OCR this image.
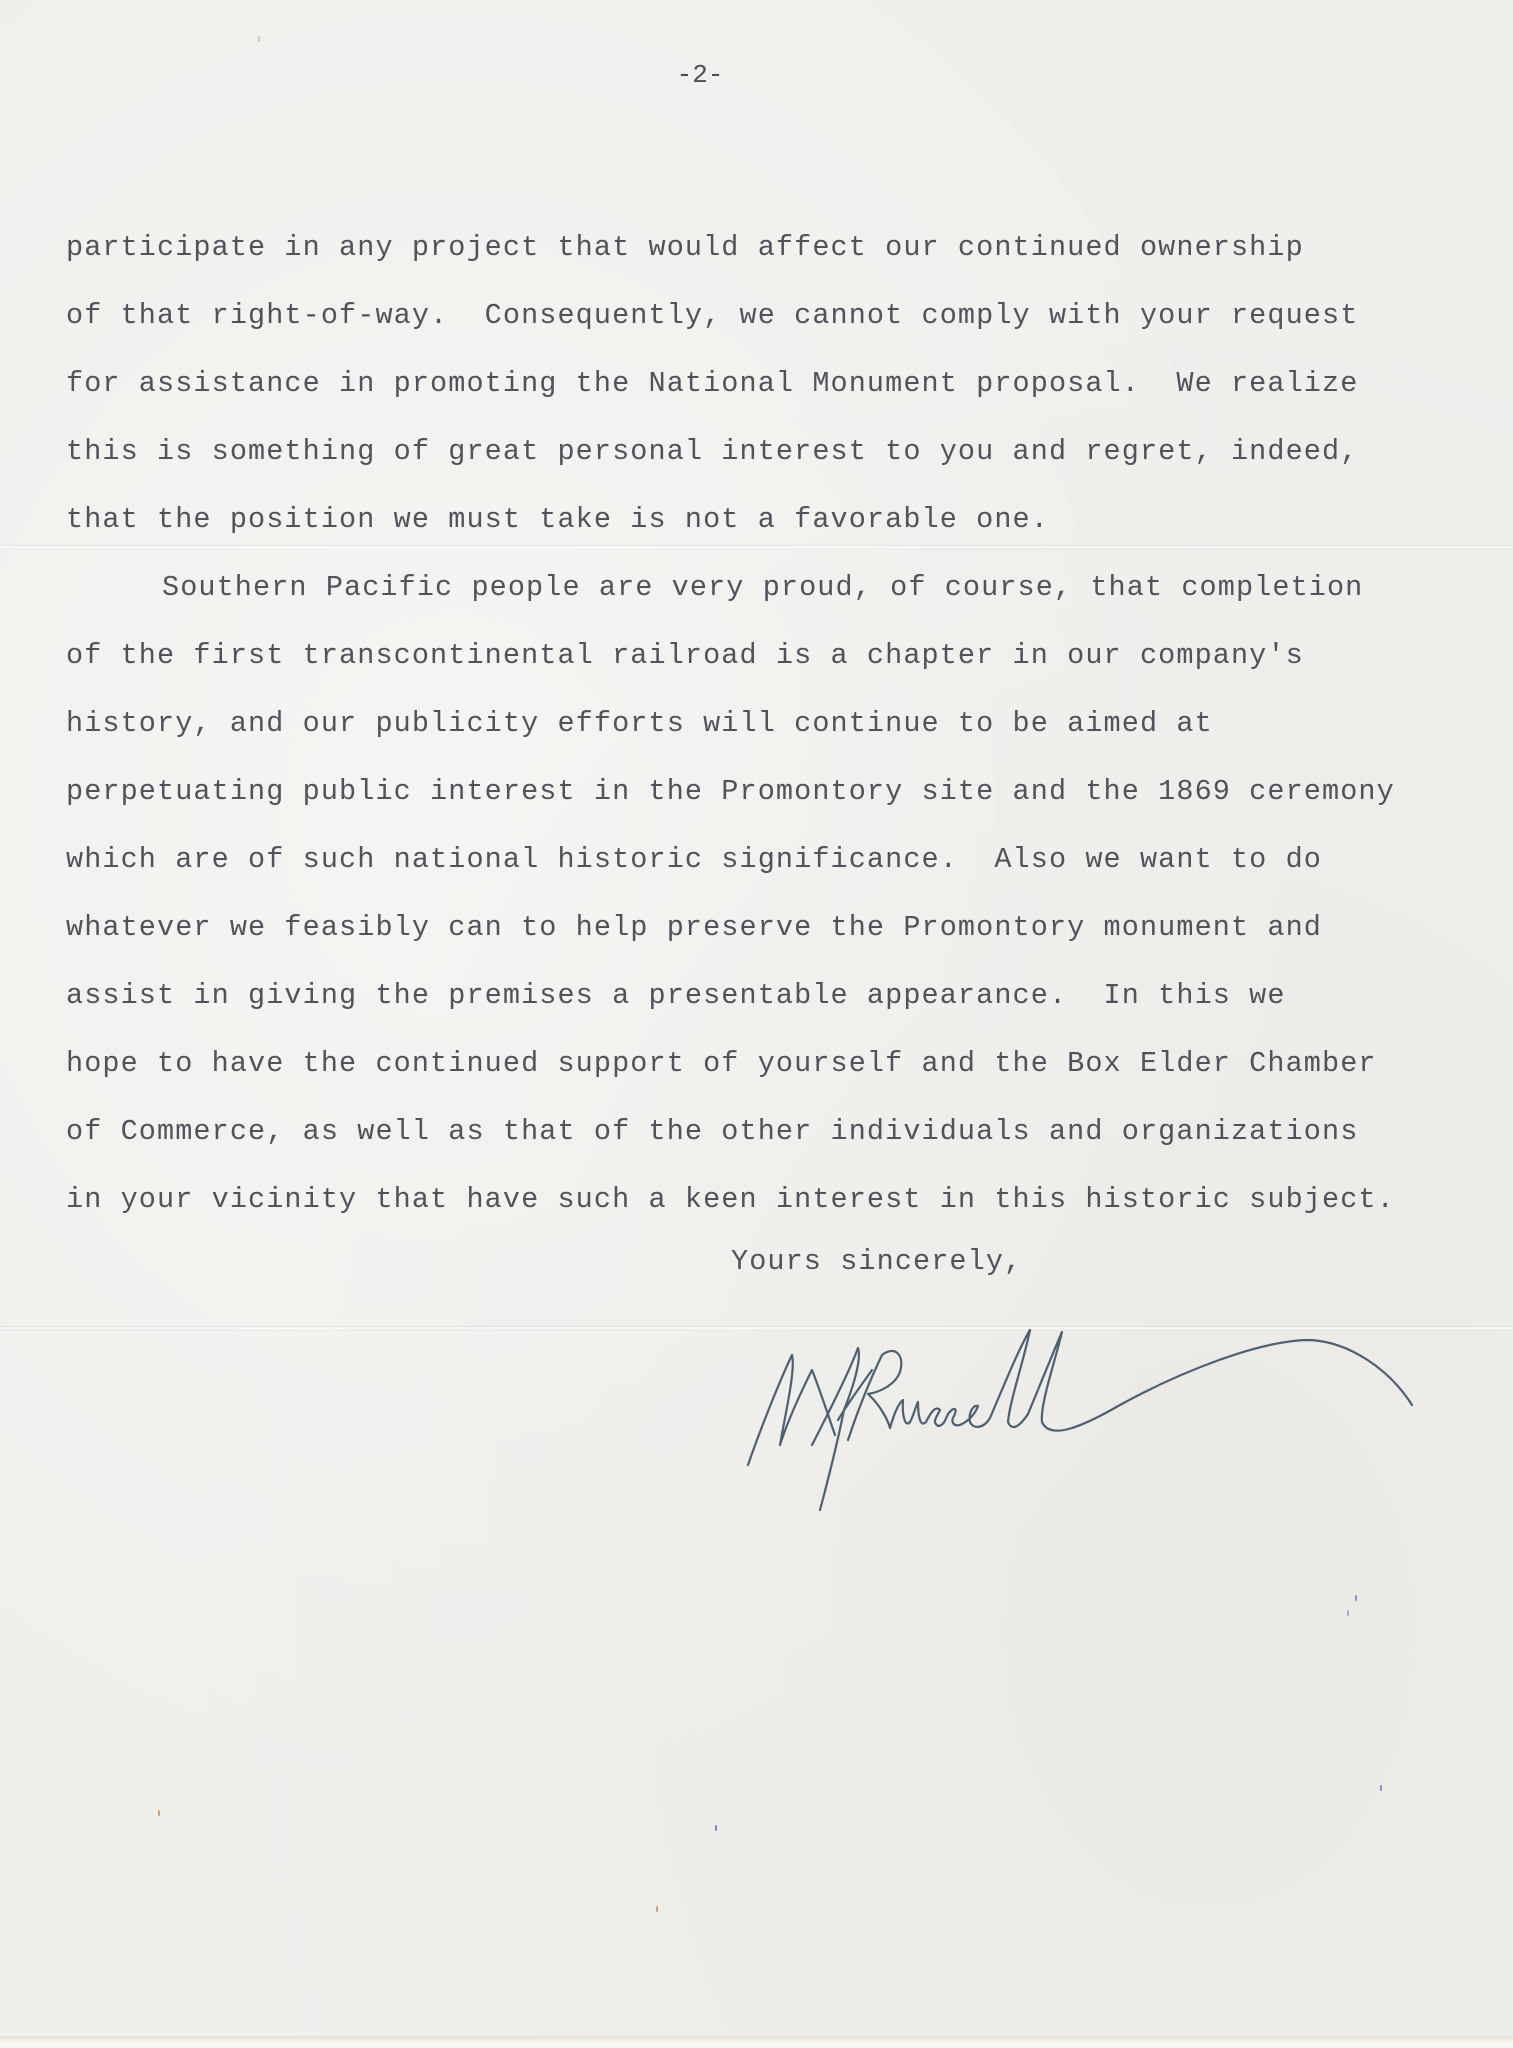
-2-
participate in any project that would affect our continued ownership
of that right-of-way.  Consequently, we cannot comply with your request
for assistance in promoting the National Monument proposal.  We realize
this is something of great personal interest to you and regret, indeed,
that the position we must take is not a favorable one.
Southern Pacific people are very proud, of course, that completion
of the first transcontinental railroad is a chapter in our company's
history, and our publicity efforts will continue to be aimed at
perpetuating public interest in the Promontory site and the 1869 ceremony
which are of such national historic significance.  Also we want to do
whatever we feasibly can to help preserve the Promontory monument and
assist in giving the premises a presentable appearance.  In this we
hope to have the continued support of yourself and the Box Elder Chamber
of Commerce, as well as that of the other individuals and organizations
in your vicinity that have such a keen interest in this historic subject.
Yours sincerely,
